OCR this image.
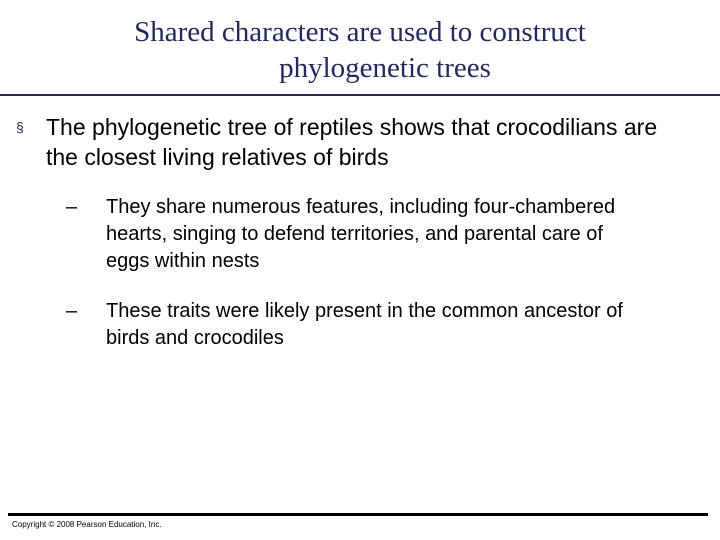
Shared characters are used to construct
phylogenetic trees
§ The phylogenetic tree of reptiles shows that crocodilians are the closest living relatives of birds
– They share numerous features, including four-chambered hearts, singing to defend territories, and parental care of eggs within nests
– These traits were likely present in the common ancestor of birds and crocodiles
Copyright © 2008 Pearson Education, Inc.
